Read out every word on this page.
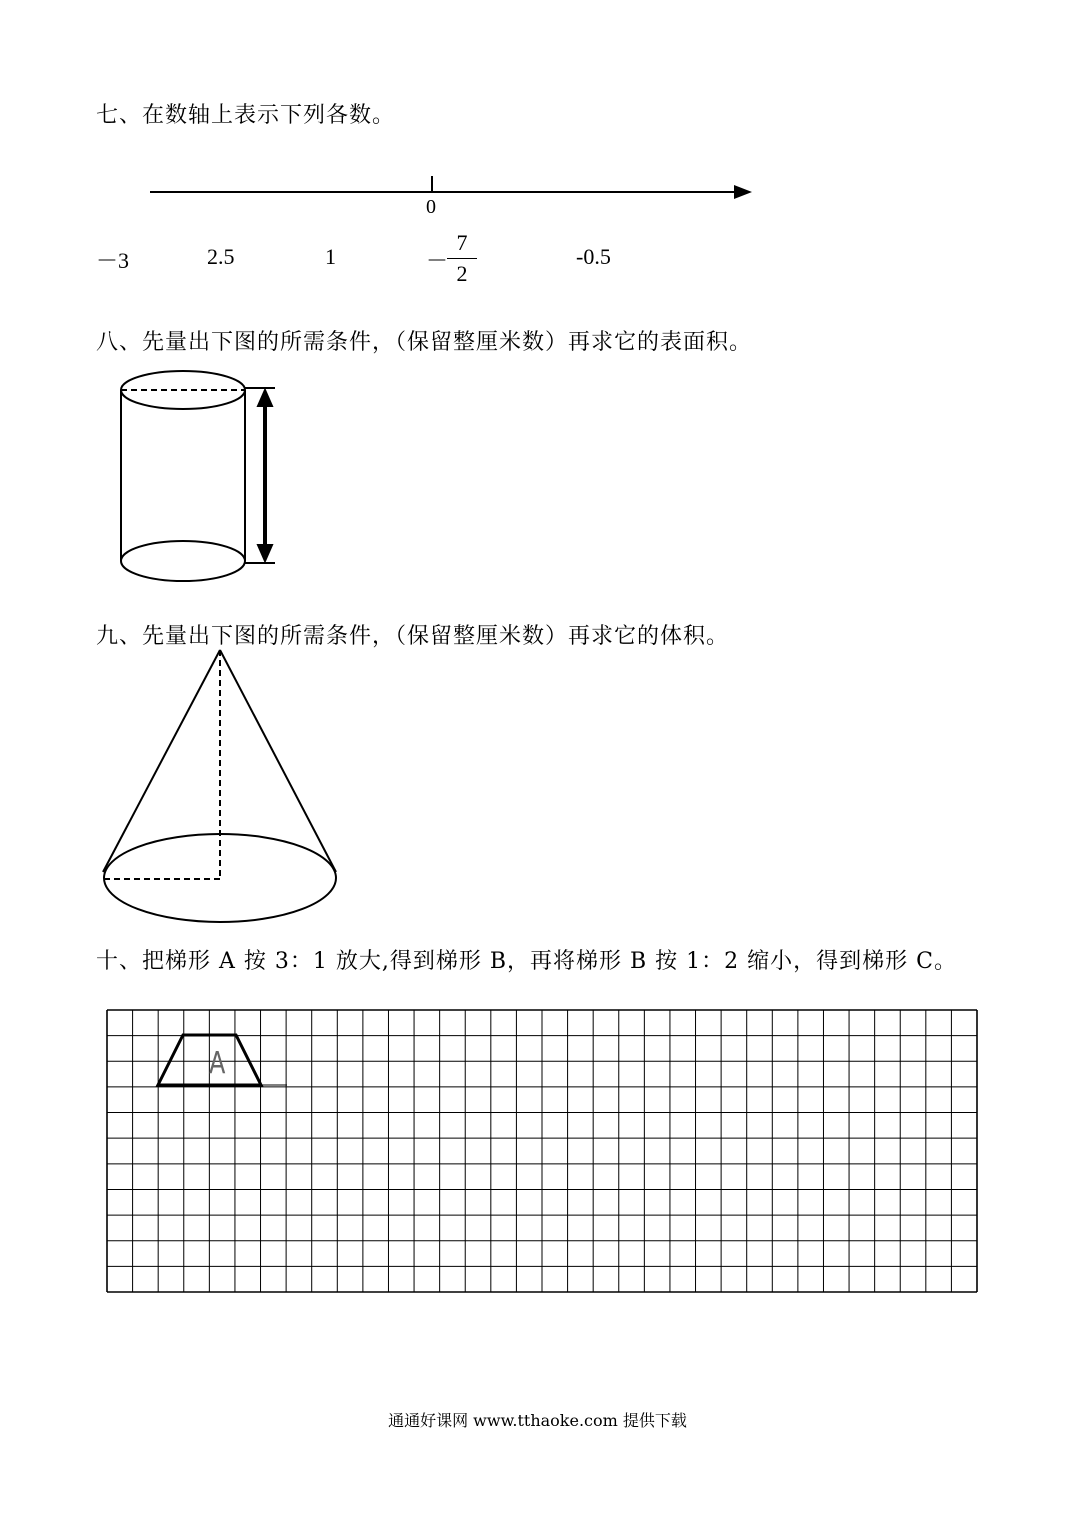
七、在数轴上表示下列各数。
0
－3	2.5	1	－
7
2
-0.5
八、先量出下图的所需条件，（保留整厘米数）再求它的表面积。
九、先量出下图的所需条件，（保留整厘米数）再求它的体积。
十、把梯形 A 按 3：1 放大,得到梯形 B，再将梯形 B 按 1：2 缩小，得到梯形 C。
A
通通好课网 www.tthaoke.com 提供下载
